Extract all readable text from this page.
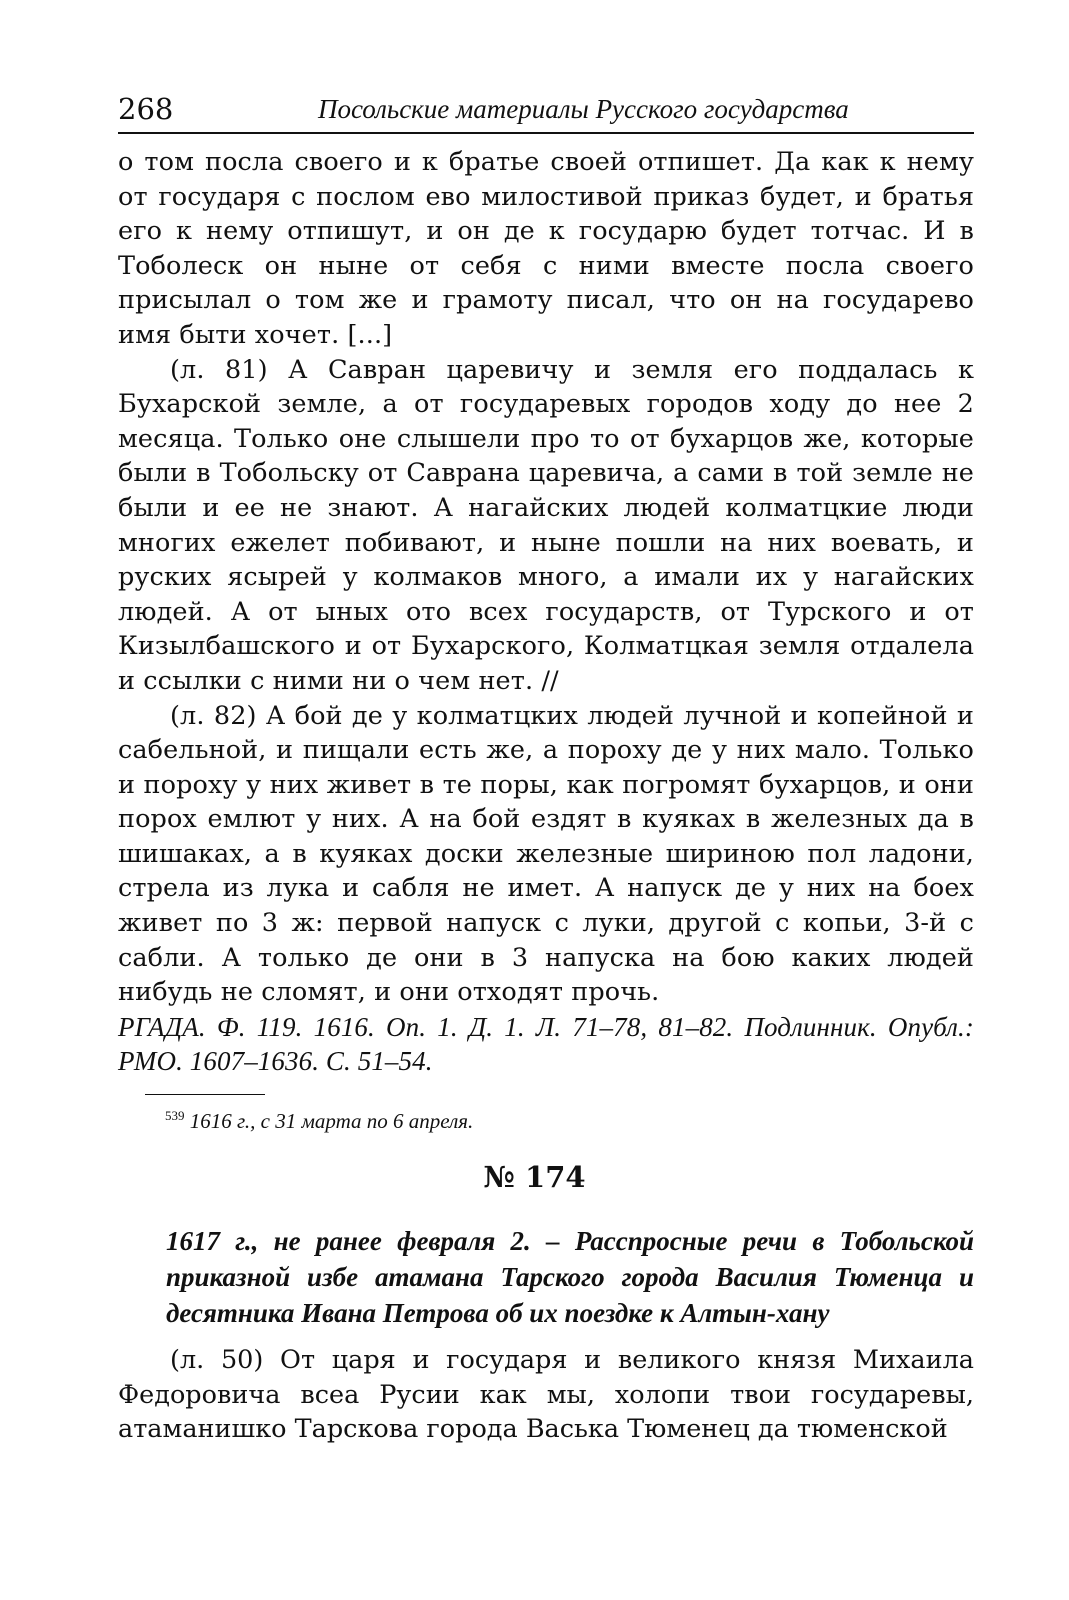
268	Посольские материалы Русского государства

о том посла своего и к братье своей отпишет. Да как к нему от государя с послом ево милостивой приказ будет, и братья его к нему отпишут, и он де к государю будет тотчас. И в Тоболеск он ныне от себя с ними вместе посла своего присылал о том же и грамоту писал, что он на государево имя быти хочет. [...]

(л. 81) А Савран царевичу и земля его поддалась к Бухарской земле, а от государевых городов ходу до нее 2 месяца. Только оне слышели про то от бухарцов же, которые были в Тобольску от Саврана царевича, а сами в той земле не были и ее не знают. А нагайских людей колматцкие люди многих ежелет побивают, и ныне пошли на них воевать, и руских ясырей у колмаков много, а имали их у нагайских людей. А от ыных ото всех государств, от Турского и от Кизылбашского и от Бухарского, Колматцкая земля отдалела и ссылки с ними ни о чем нет. //

(л. 82) А бой де у колматцких людей лучной и копейной и сабельной, и пищали есть же, а пороху де у них мало. Только и пороху у них живет в те поры, как погромят бухарцов, и они порох емлют у них. А на бой ездят в куяках в железных да в шишаках, а в куяках доски железные шириною пол ладони, стрела из лука и сабля не имет. А напуск де у них на боех живет по 3 ж: первой напуск с луки, другой с копьи, 3-й с сабли. А только де они в 3 напуска на бою каких людей нибудь не сломят, и они отходят прочь.

РГАДА. Ф. 119. 1616. Оп. 1. Д. 1. Л. 71–78, 81–82. Подлинник. Опубл.: РМО. 1607–1636. С. 51–54.

$^{539}$ 1616 г., с 31 марта по 6 апреля.
№ 174
1617 г., не ранее февраля 2. – Расспросные речи в Тобольской приказной избе атамана Тарского города Василия Тюменца и десятника Ивана Петрова об их поездке к Алтын-хану

(л. 50) От царя и государя и великого князя Михаила Федоровича всеа Русии как мы, холопи твои государевы, атаманишко Тарскова города Васька Тюменец да тюменской
